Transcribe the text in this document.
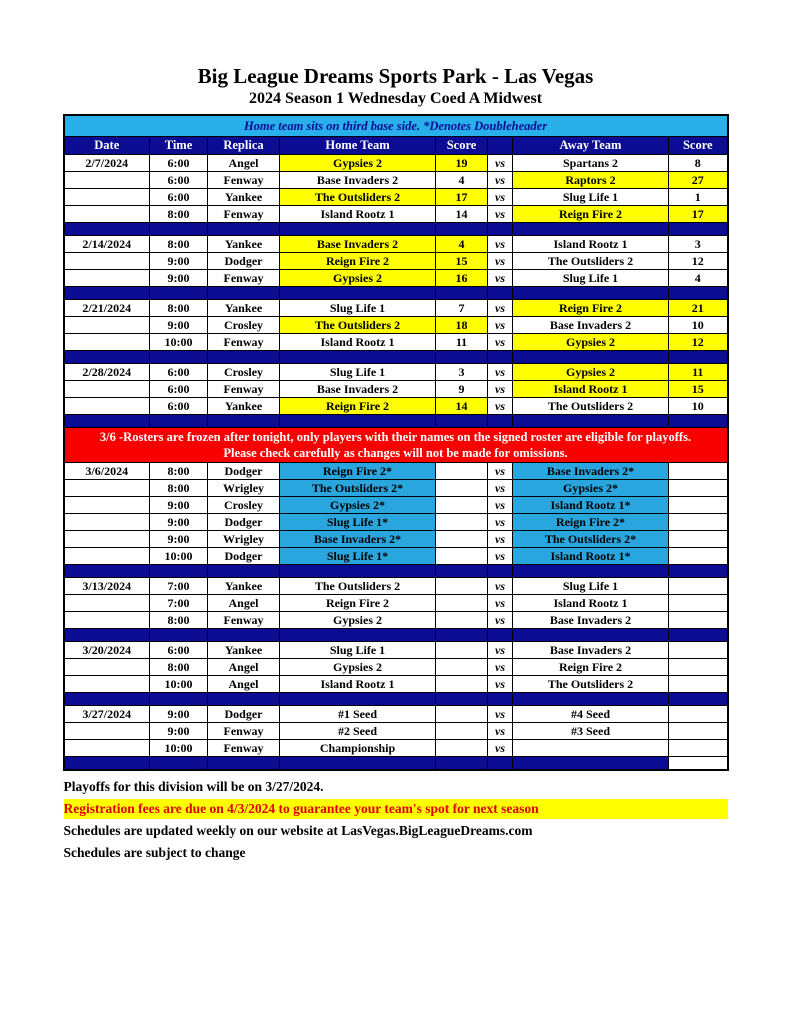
Big League Dreams Sports Park - Las Vegas
2024 Season 1 Wednesday Coed A Midwest
Home team sits on third base side. *Denotes Doubleheader							
Date	Time	Replica	Home Team	Score		Away Team	Score
2/7/2024	6:00	Angel	Gypsies 2	19	vs	Spartans 2	8
	6:00	Fenway	Base Invaders 2	4	vs	Raptors 2	27
	6:00	Yankee	The Outsliders 2	17	vs	Slug Life 1	1
	8:00	Fenway	Island Rootz 1	14	vs	Reign Fire 2	17

2/14/2024	8:00	Yankee	Base Invaders 2	4	vs	Island Rootz 1	3
	9:00	Dodger	Reign Fire 2	15	vs	The Outsliders 2	12
	9:00	Fenway	Gypsies 2	16	vs	Slug Life 1	4

2/21/2024	8:00	Yankee	Slug Life 1	7	vs	Reign Fire 2	21
	9:00	Crosley	The Outsliders 2	18	vs	Base Invaders 2	10
	10:00	Fenway	Island Rootz 1	11	vs	Gypsies 2	12

2/28/2024	6:00	Crosley	Slug Life 1	3	vs	Gypsies 2	11
	6:00	Fenway	Base Invaders 2	9	vs	Island Rootz 1	15
	6:00	Yankee	Reign Fire 2	14	vs	The Outsliders 2	10

3/6 -Rosters are frozen after tonight, only players with their names on the signed roster are eligible for playoffs.
Please check carefully as changes will not be made for omissions.							

3/6/2024	8:00	Dodger	Reign Fire 2*		vs	Base Invaders 2*	
	8:00	Wrigley	The Outsliders 2*		vs	Gypsies 2*	
	9:00	Crosley	Gypsies 2*		vs	Island Rootz 1*	
	9:00	Dodger	Slug Life 1*		vs	Reign Fire 2*	
	9:00	Wrigley	Base Invaders 2*		vs	The Outsliders 2*	
	10:00	Dodger	Slug Life 1*		vs	Island Rootz 1*	

3/13/2024	7:00	Yankee	The Outsliders 2		vs	Slug Life 1	
	7:00	Angel	Reign Fire 2		vs	Island Rootz 1	
	8:00	Fenway	Gypsies 2		vs	Base Invaders 2	

3/20/2024	6:00	Yankee	Slug Life 1		vs	Base Invaders 2	
	8:00	Angel	Gypsies 2		vs	Reign Fire 2	
	10:00	Angel	Island Rootz 1		vs	The Outsliders 2	

3/27/2024	9:00	Dodger	#1 Seed		vs	#4 Seed	
	9:00	Fenway	#2 Seed		vs	#3 Seed	
	10:00	Fenway	Championship		vs		

Playoffs for this division will be on 3/27/2024.
Registration fees are due on 4/3/2024 to guarantee your team's spot for next season
Schedules are updated weekly on our website at LasVegas.BigLeagueDreams.com
Schedules are subject to change
